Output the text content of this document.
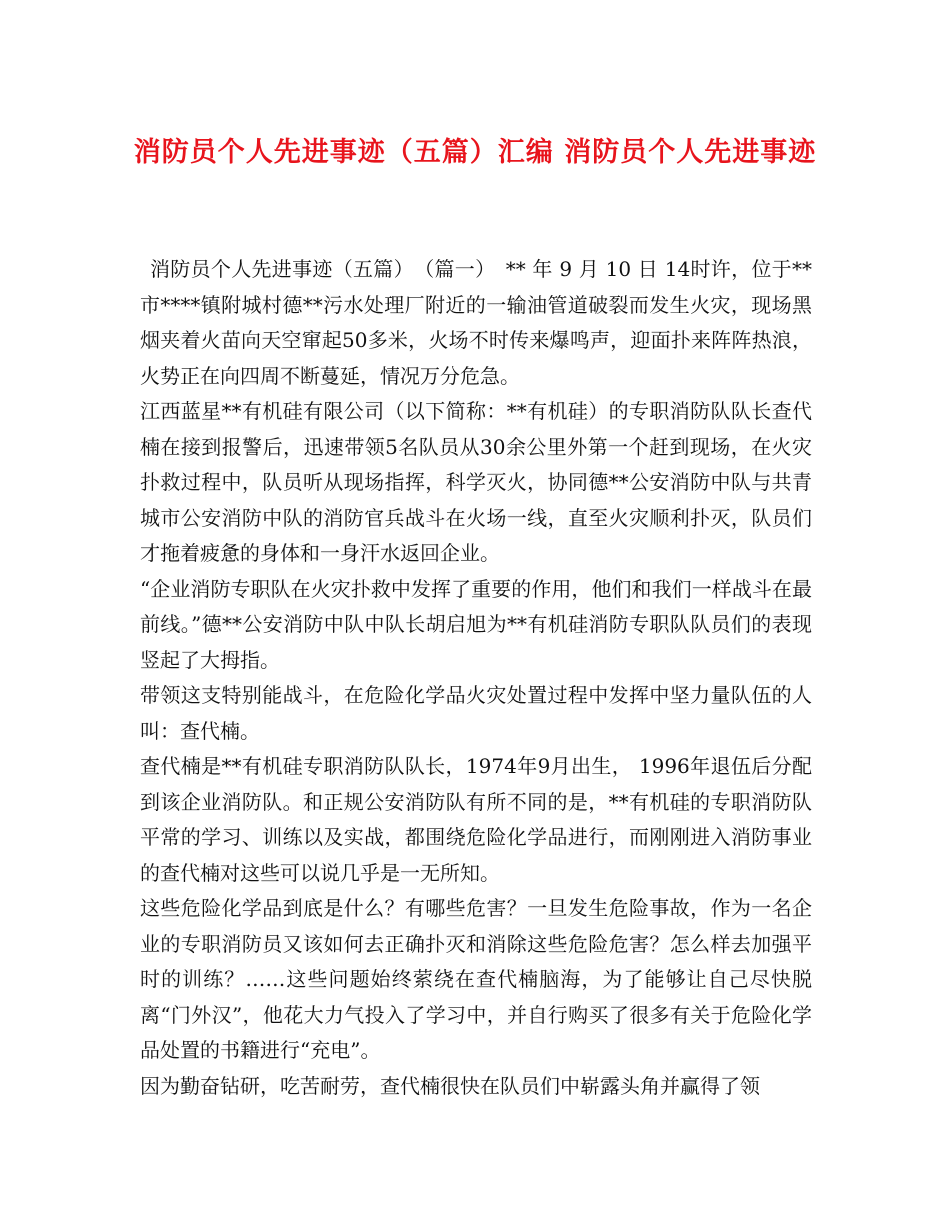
消防员个人先进事迹（五篇）汇编 消防员个人先进事迹

消防员个人先进事迹（五篇）　（篇一）　** 年 9 月 10 日 14时许，位于**市****镇附城村德**污水处理厂附近的一输油管道破裂而发生火灾，现场黑烟夹着火苗向天空窜起50多米，火场不时传来爆鸣声，迎面扑来阵阵热浪，火势正在向四周不断蔓延，情况万分危急。

江西蓝星**有机硅有限公司（以下简称：**有机硅）的专职消防队队长查代楠在接到报警后，迅速带领5名队员从30余公里外第一个赶到现场，在火灾扑救过程中，队员听从现场指挥，科学灭火，协同德**公安消防中队与共青城市公安消防中队的消防官兵战斗在火场一线，直至火灾顺利扑灭，队员们才拖着疲惫的身体和一身汗水返回企业。

“企业消防专职队在火灾扑救中发挥了重要的作用，他们和我们一样战斗在最前线。”德**公安消防中队中队长胡启旭为**有机硅消防专职队队员们的表现竖起了大拇指。

带领这支特别能战斗，在危险化学品火灾处置过程中发挥中坚力量队伍的人叫：查代楠。

查代楠是**有机硅专职消防队队长，1974年9月出生， 1996年退伍后分配到该企业消防队。和正规公安消防队有所不同的是，**有机硅的专职消防队平常的学习、训练以及实战，都围绕危险化学品进行，而刚刚进入消防事业的查代楠对这些可以说几乎是一无所知。

这些危险化学品到底是什么？有哪些危害？一旦发生危险事故，作为一名企业的专职消防员又该如何去正确扑灭和消除这些危险危害？怎么样去加强平时的训练？……这些问题始终萦绕在查代楠脑海，为了能够让自己尽快脱离“门外汉”，他花大力气投入了学习中，并自行购买了很多有关于危险化学品处置的书籍进行“充电”。

因为勤奋钻研，吃苦耐劳，查代楠很快在队员们中崭露头角并赢得了领
